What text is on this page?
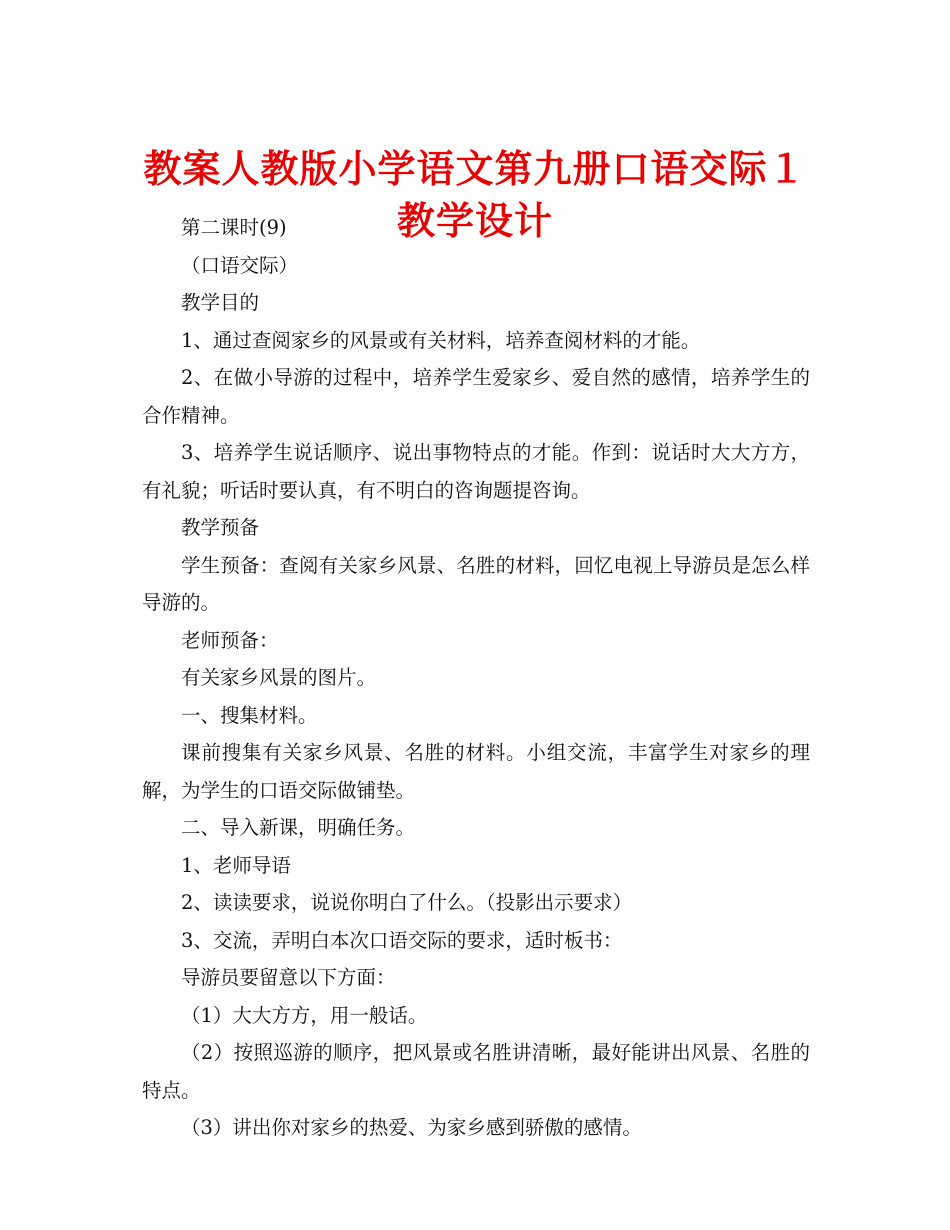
教案人教版小学语文第九册口语交际１教学设计

第二课时(9)

（口语交际）

教学目的

1、通过查阅家乡的风景或有关材料，培养查阅材料的才能。

2、在做小导游的过程中，培养学生爱家乡、爱自然的感情，培养学生的合作精神。

3、培养学生说话顺序、说出事物特点的才能。作到：说话时大大方方，有礼貌；听话时要认真，有不明白的咨询题提咨询。

教学预备

学生预备：查阅有关家乡风景、名胜的材料，回忆电视上导游员是怎么样导游的。

老师预备：

有关家乡风景的图片。

一、搜集材料。

课前搜集有关家乡风景、名胜的材料。小组交流，丰富学生对家乡的理解，为学生的口语交际做铺垫。

二、导入新课，明确任务。

1、老师导语

2、读读要求，说说你明白了什么。（投影出示要求）

3、交流，弄明白本次口语交际的要求，适时板书：

导游员要留意以下方面：

（1）大大方方，用一般话。

（2）按照巡游的顺序，把风景或名胜讲清晰，最好能讲出风景、名胜的特点。

（3）讲出你对家乡的热爱、为家乡感到骄傲的感情。
